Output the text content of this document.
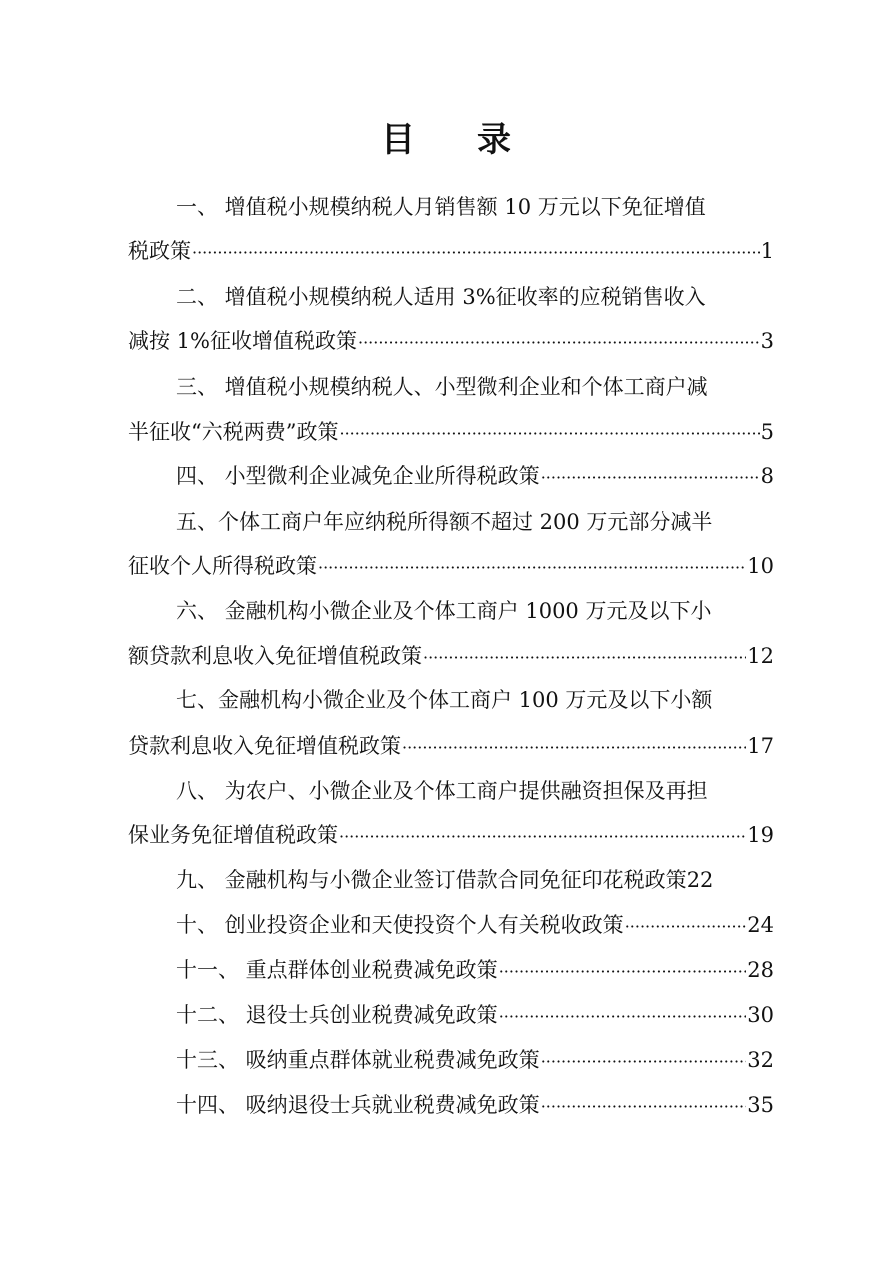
目 录
一、 增值税小规模纳税人月销售额 10 万元以下免征增值
税政策 ·····	1
二、 增值税小规模纳税人适用 3%征收率的应税销售收入
减按 1%征收增值税政策 ·····	3
三、 增值税小规模纳税人、小型微利企业和个体工商户减
半征收“六税两费”政策 ·····	5
四、 小型微利企业减免企业所得税政策 ·····	8
五、个体工商户年应纳税所得额不超过 200 万元部分减半
征收个人所得税政策 ·····	10
六、 金融机构小微企业及个体工商户 1000 万元及以下小
额贷款利息收入免征增值税政策 ·····	12
七、金融机构小微企业及个体工商户 100 万元及以下小额
贷款利息收入免征增值税政策 ·····	17
八、 为农户、小微企业及个体工商户提供融资担保及再担
保业务免征增值税政策 ·····	19
九、 金融机构与小微企业签订借款合同免征印花税政策 22
十、 创业投资企业和天使投资个人有关税收政策 ·····	24
十一、 重点群体创业税费减免政策 ·····	28
十二、 退役士兵创业税费减免政策 ·····	30
十三、 吸纳重点群体就业税费减免政策 ·····	32
十四、 吸纳退役士兵就业税费减免政策 ·····	35
